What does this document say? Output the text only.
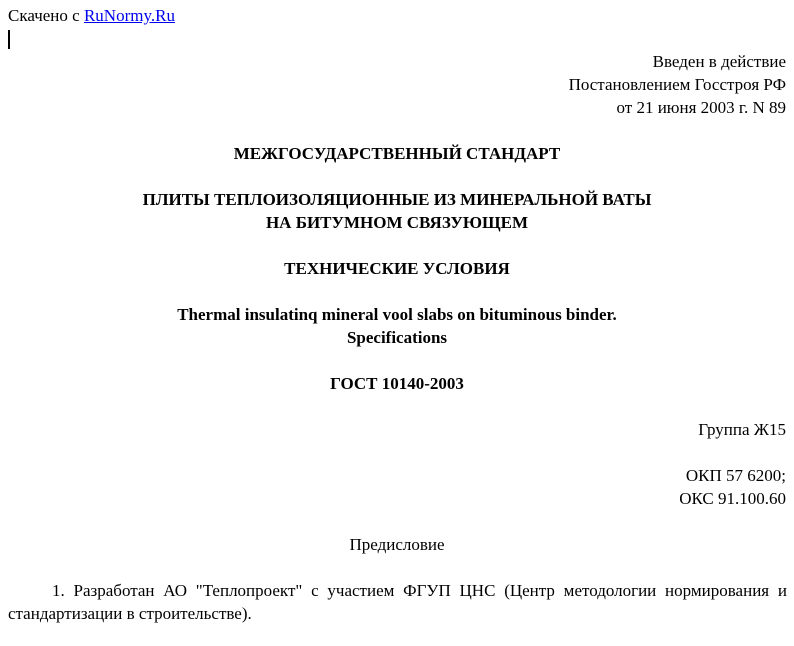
Скачено с RuNormy.Ru
Введен в действие
Постановлением Госстроя РФ
от 21 июня 2003 г. N 89
МЕЖГОСУДАРСТВЕННЫЙ СТАНДАРТ
ПЛИТЫ ТЕПЛОИЗОЛЯЦИОННЫЕ ИЗ МИНЕРАЛЬНОЙ ВАТЫ
НА БИТУМНОМ СВЯЗУЮЩЕМ
ТЕХНИЧЕСКИЕ УСЛОВИЯ
Thermal insulatinq mineral vool slabs on bituminous binder.
Specifications
ГОСТ 10140-2003
Группа Ж15
ОКП 57 6200;
ОКС 91.100.60
Предисловие

1. Разработан АО "Теплопроект" с участием ФГУП ЦНС (Центр методологии нормирования и стандартизации в строительстве).
